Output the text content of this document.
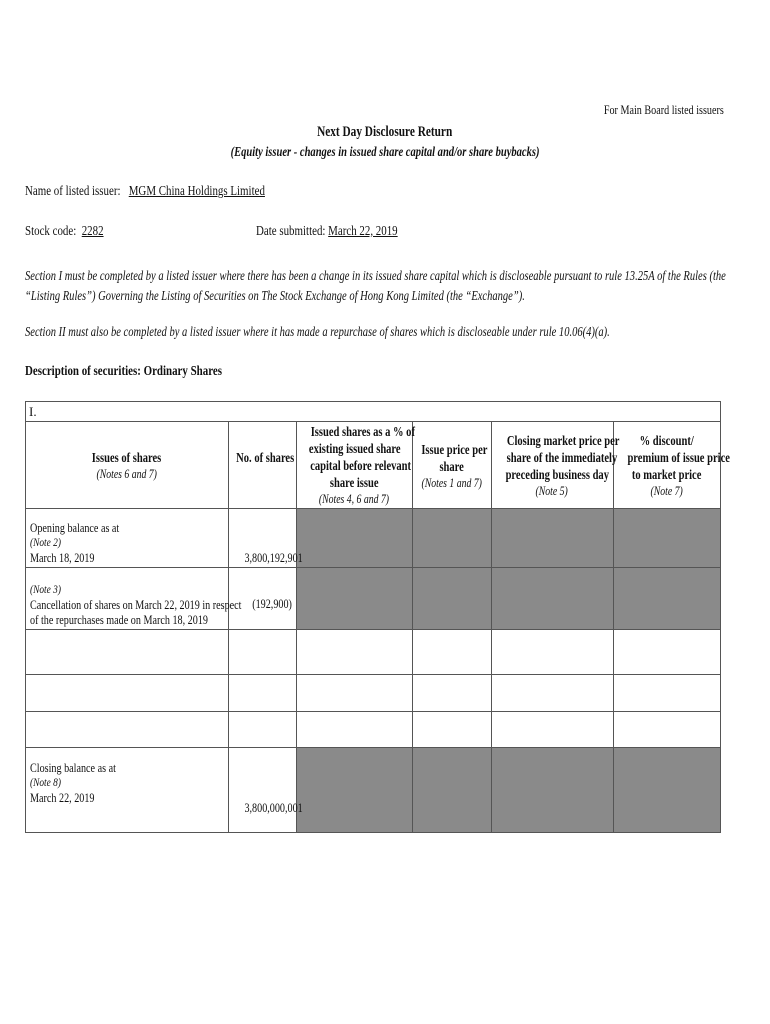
For Main Board listed issuers
Next Day Disclosure Return
(Equity issuer - changes in issued share capital and/or share buybacks)
Name of listed issuer: MGM China Holdings Limited
Stock code: 2282	Date submitted: March 22, 2019
Section I must be completed by a listed issuer where there has been a change in its issued share capital which is discloseable pursuant to rule 13.25A of the Rules (the
“Listing Rules”) Governing the Listing of Securities on The Stock Exchange of Hong Kong Limited (the “Exchange”).
Section II must also be completed by a listed issuer where it has made a repurchase of shares which is discloseable under rule 10.06(4)(a).
Description of securities: Ordinary Shares
I.
Issues of shares
(Notes 6 and 7)
No. of shares
Issued shares as a % of
existing issued share
capital before relevant
share issue
(Notes 4, 6 and 7)
Issue price per
share
(Notes 1 and 7)
Closing market price per
share of the immediately
preceding business day
(Note 5)
% discount/
premium of issue price
to market price
(Note 7)
Opening balance as at
(Note 2)
March 18, 2019	3,800,192,901
(Note 3)
Cancellation of shares on March 22, 2019 in respect
of the repurchases made on March 18, 2019
(192,900)
Closing balance as at
(Note 8)
March 22, 2019
3,800,000,001
